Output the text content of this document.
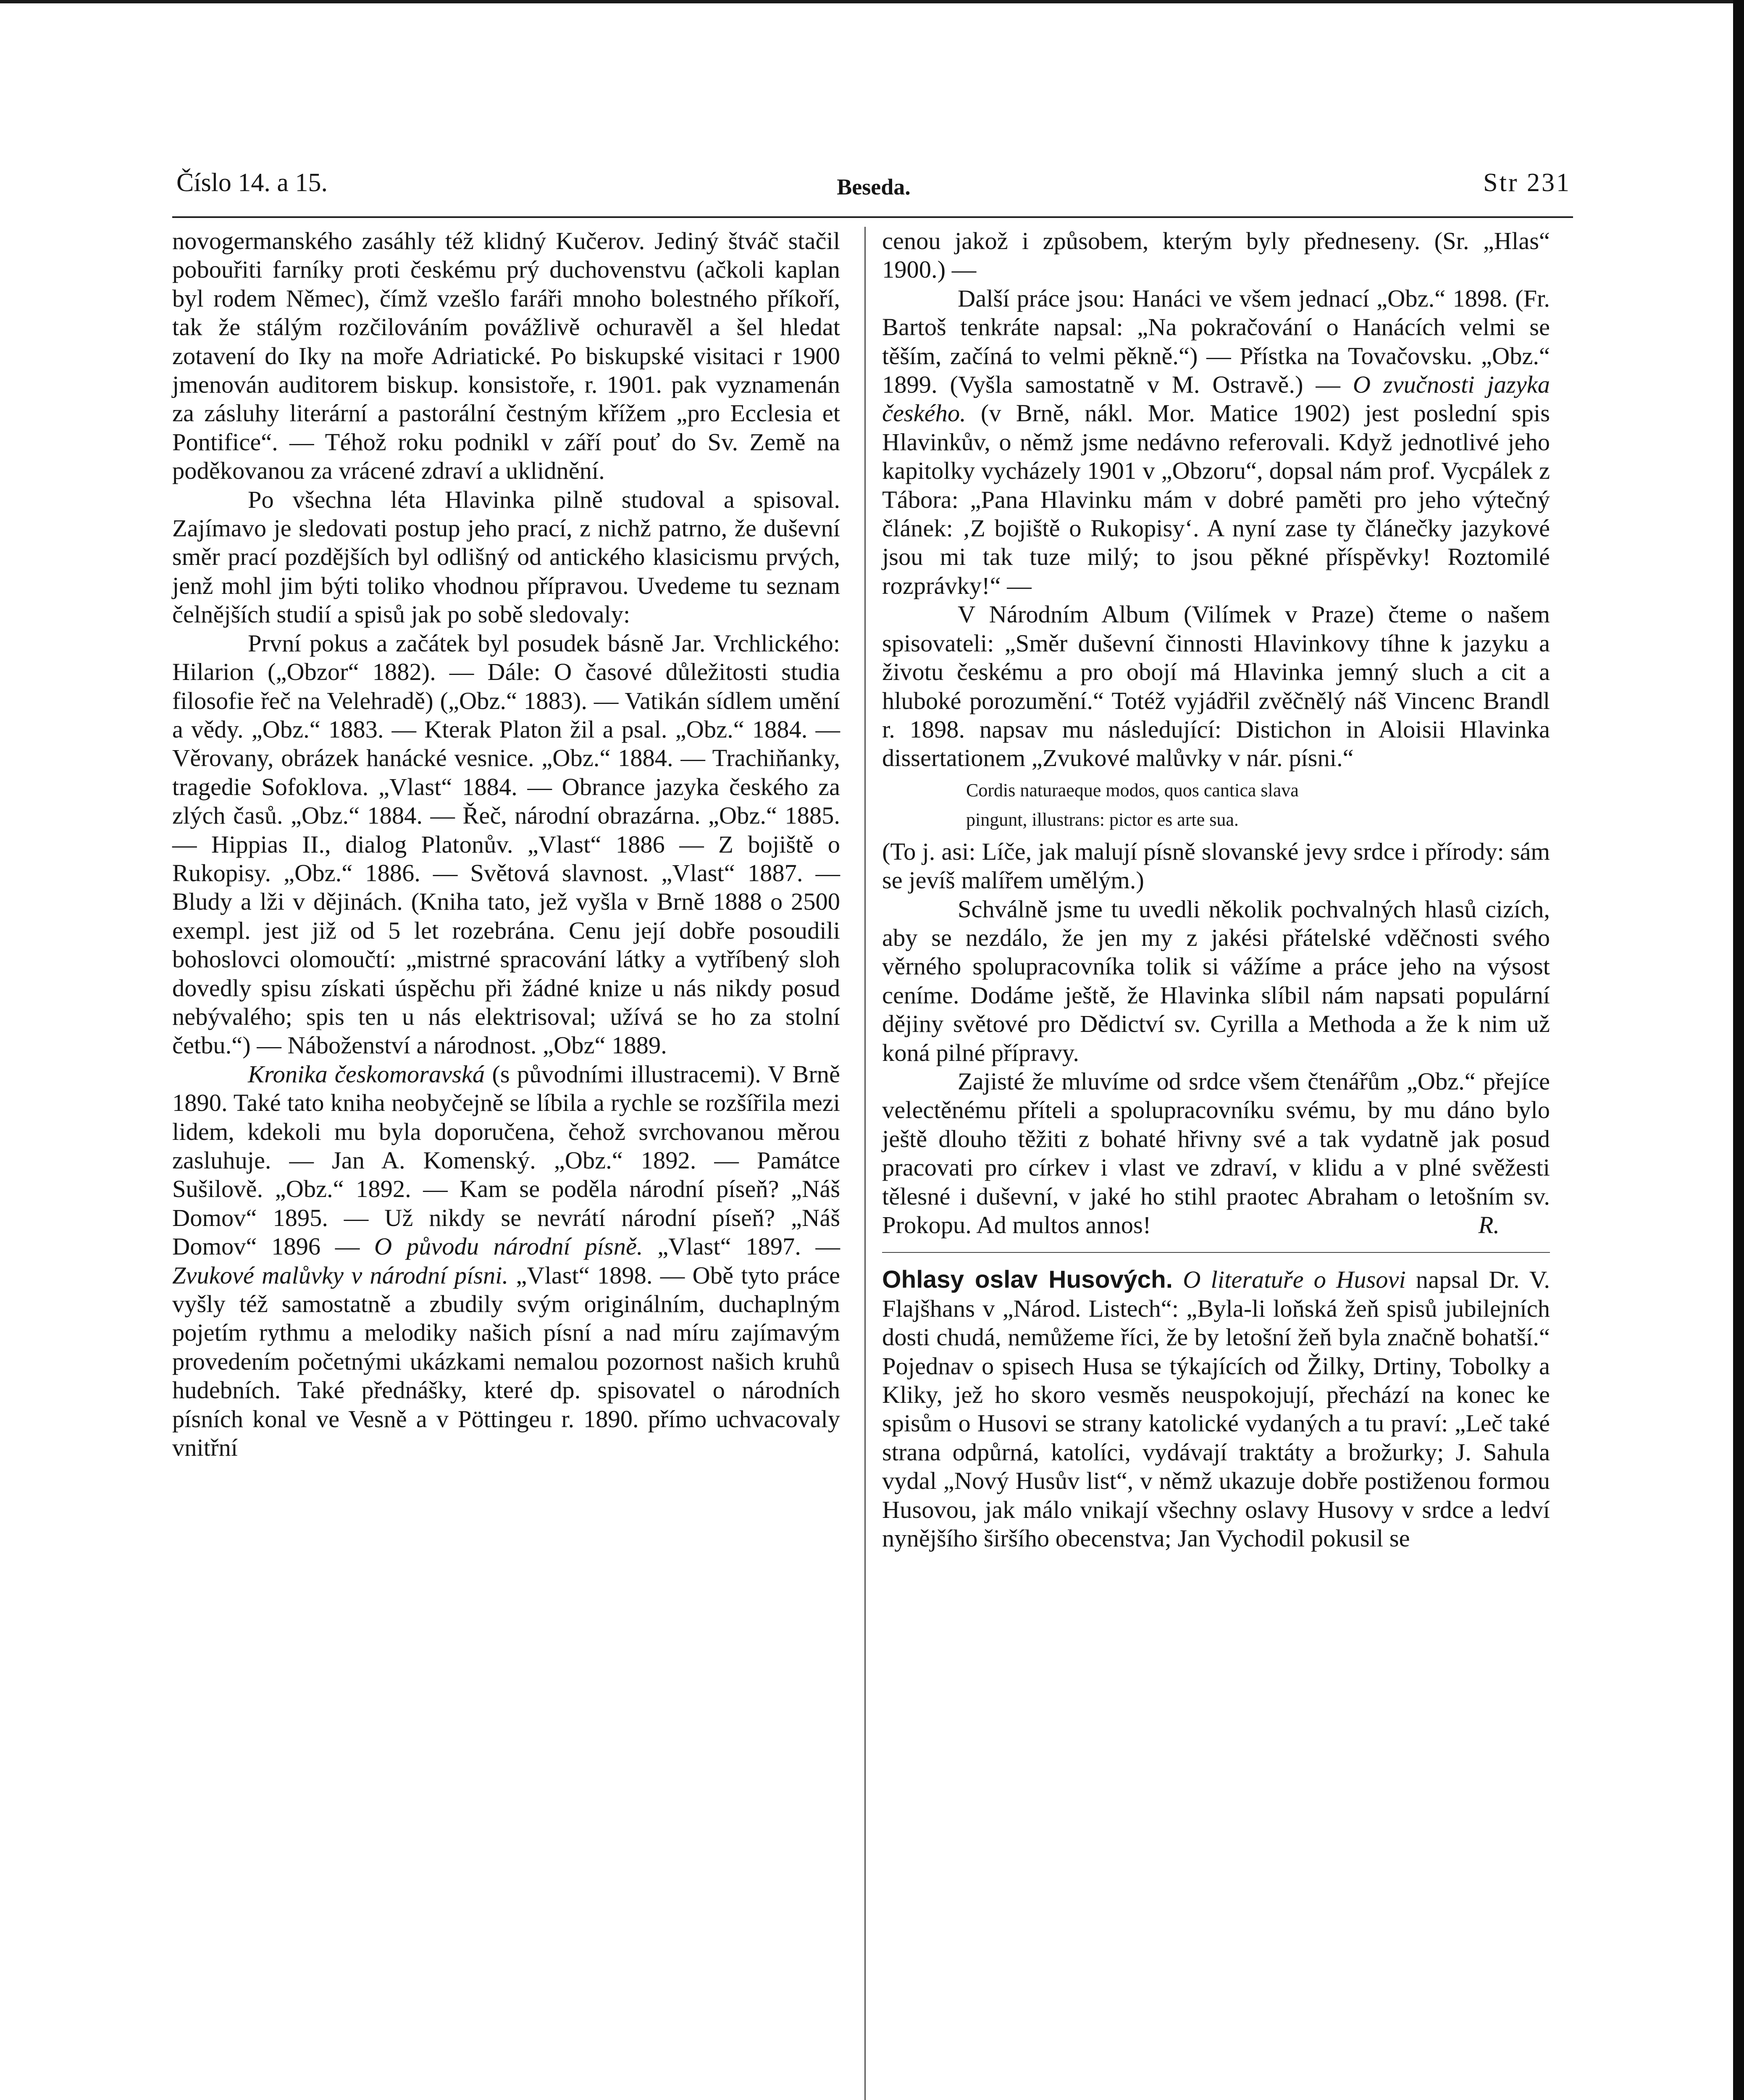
Číslo 14. a 15.	Beseda.	Str 231

novogermanského zasáhly též klidný Kučerov. Jediný štváč stačil pobouřiti farníky proti českému prý duchovenstvu (ačkoli kaplan byl rodem Němec), čímž vzešlo faráři mnoho bolestného příkoří, tak že stálým rozčilováním povážlivě ochuravěl a šel hledat zotavení do Iky na moře Adriatické. Po biskupské visitaci r 1900 jmenován auditorem biskup. konsistoře, r. 1901. pak vyznamenán za zásluhy literární a pastorální čestným křížem „pro Ecclesia et Pontifice“. — Téhož roku podnikl v září pouť do Sv. Země na poděkovanou za vrácené zdraví a uklidnění.

Po všechna léta Hlavinka pilně studoval a spisoval. Zajímavo je sledovati postup jeho prací, z nichž patrno, že duševní směr prací pozdějších byl odlišný od antického klasicismu prvých, jenž mohl jim býti toliko vhodnou přípravou. Uvedeme tu seznam čelnějších studií a spisů jak po sobě sledovaly:

První pokus a začátek byl posudek básně Jar. Vrchlického: Hilarion („Obzor“ 1882). — Dále: O časové důležitosti studia filosofie řeč na Velehradě) („Obz.“ 1883). — Vatikán sídlem umění a vědy. „Obz.“ 1883. — Kterak Platon žil a psal. „Obz.“ 1884. — Věrovany, obrázek hanácké vesnice. „Obz.“ 1884. — Trachiňanky, tragedie Sofoklova. „Vlast“ 1884. — Obrance jazyka českého za zlých časů. „Obz.“ 1884. — Řeč, národní obrazárna. „Obz.“ 1885. — Hippias II., dialog Platonův. „Vlast“ 1886 — Z bojiště o Rukopisy. „Obz.“ 1886. — Světová slavnost. „Vlast“ 1887. — Bludy a lži v dějinách. (Kniha tato, jež vyšla v Brně 1888 o 2500 exempl. jest již od 5 let rozebrána. Cenu její dobře posoudili bohoslovci olomoučtí: „mistrné spracování látky a vytříbený sloh dovedly spisu získati úspěchu při žádné knize u nás nikdy posud nebývalého; spis ten u nás elektrisoval; užívá se ho za stolní četbu.“) — Náboženství a národnost. „Obz“ 1889.

Kronika českomoravská (s původními illustracemi). V Brně 1890. Také tato kniha neobyčejně se líbila a rychle se rozšířila mezi lidem, kdekoli mu byla doporučena, čehož svrchovanou měrou zasluhuje. — Jan A. Komenský. „Obz.“ 1892. — Památce Sušilově. „Obz.“ 1892. — Kam se poděla národní píseň? „Náš Domov“ 1895. — Už nikdy se nevrátí národní píseň? „Náš Domov“ 1896 — O původu národní písně. „Vlast“ 1897. — Zvukové malůvky v národní písni. „Vlast“ 1898. — Obě tyto práce vyšly též samostatně a zbudily svým originálním, duchaplným pojetím rythmu a melodiky našich písní a nad míru zajímavým provedením početnými ukázkami nemalou pozornost našich kruhů hudebních. Také přednášky, které dp. spisovatel o národních písních konal ve Vesně a v Pöttingeu r. 1890. přímo uchvacovaly vnitřní

cenou jakož i způsobem, kterým byly předneseny. (Sr. „Hlas“ 1900.) —

Další práce jsou: Hanáci ve všem jednací „Obz.“ 1898. (Fr. Bartoš tenkráte napsal: „Na pokračování o Hanácích velmi se těším, začíná to velmi pěkně.“) — Přístka na Tovačovsku. „Obz.“ 1899. (Vyšla samostatně v M. Ostravě.) — O zvučnosti jazyka českého. (v Brně, nákl. Mor. Matice 1902) jest poslední spis Hlavinkův, o němž jsme nedávno referovali. Když jednotlivé jeho kapitolky vycházely 1901 v „Obzoru“, dopsal nám prof. Vycpálek z Tábora: „Pana Hlavinku mám v dobré paměti pro jeho výtečný článek: ‚Z bojiště o Rukopisy‘. A nyní zase ty článečky jazykové jsou mi tak tuze milý; to jsou pěkné příspěvky! Roztomilé rozprávky!“ —

V Národním Album (Vilímek v Praze) čteme o našem spisovateli: „Směr duševní činnosti Hlavinkovy tíhne k jazyku a životu českému a pro obojí má Hlavinka jemný sluch a cit a hluboké porozumění.“ Totéž vyjádřil zvěčnělý náš Vincenc Brandl r. 1898. napsav mu následující: Distichon in Aloisii Hlavinka dissertationem „Zvukové malůvky v nár. písni.“

Cordis naturaeque modos, quos cantica slava

pingunt, illustrans: pictor es arte sua.

(To j. asi: Líče, jak malují písně slovanské jevy srdce i přírody: sám se jevíš malířem umělým.)

Schválně jsme tu uvedli několik pochvalných hlasů cizích, aby se nezdálo, že jen my z jakési přátelské vděčnosti svého věrného spolupracovníka tolik si vážíme a práce jeho na výsost ceníme. Dodáme ještě, že Hlavinka slíbil nám napsati populární dějiny světové pro Dědictví sv. Cyrilla a Methoda a že k nim už koná pilné přípravy.

Zajisté že mluvíme od srdce všem čtenářům „Obz.“ přejíce velectěnému příteli a spolupracovníku svému, by mu dáno bylo ještě dlouho těžiti z bohaté hřivny své a tak vydatně jak posud pracovati pro církev i vlast ve zdraví, v klidu a v plné svěžesti tělesné i duševní, v jaké ho stihl praotec Abraham o letošním sv. Prokopu. Ad multos annos!	R.

Ohlasy oslav Husových. O literatuře o Husovi napsal Dr. V. Flajšhans v „Národ. Listech“: „Byla-li loňská žeň spisů jubilejních dosti chudá, nemůžeme říci, že by letošní žeň byla značně bohatší.“ Pojednav o spisech Husa se týkajících od Žilky, Drtiny, Tobolky a Kliky, jež ho skoro vesměs neuspokojují, přechází na konec ke spisům o Husovi se strany katolické vydaných a tu praví: „Leč také strana odpůrná, katolíci, vydávají traktáty a brožurky; J. Sahula vydal „Nový Husův list“, v němž ukazuje dobře postiženou formou Husovou, jak málo vnikají všechny oslavy Husovy v srdce a ledví nynějšího širšího obecenstva; Jan Vychodil pokusil se
